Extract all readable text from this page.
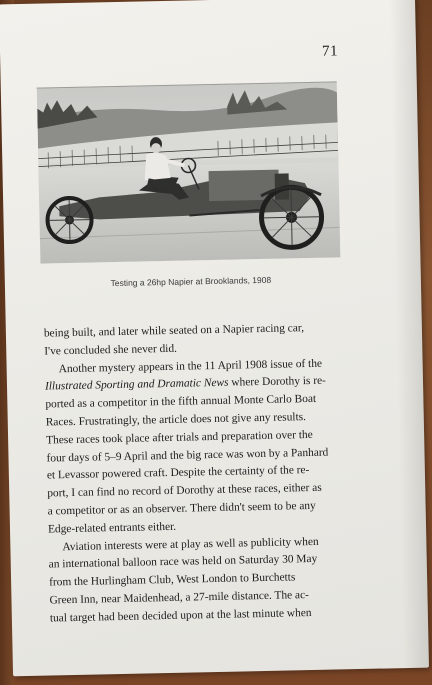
71
Testing a 26hp Napier at Brooklands, 1908
being built, and later while seated on a Napier racing car,
I've concluded she never did.
Another mystery appears in the 11 April 1908 issue of the
Illustrated Sporting and Dramatic News where Dorothy is re-
ported as a competitor in the fifth annual Monte Carlo Boat
Races. Frustratingly, the article does not give any results.
These races took place after trials and preparation over the
four days of 5–9 April and the big race was won by a Panhard
et Levassor powered craft. Despite the certainty of the re-
port, I can find no record of Dorothy at these races, either as
a competitor or as an observer. There didn't seem to be any
Edge-related entrants either.
Aviation interests were at play as well as publicity when
an international balloon race was held on Saturday 30 May
from the Hurlingham Club, West London to Burchetts
Green Inn, near Maidenhead, a 27-mile distance. The ac-
tual target had been decided upon at the last minute when
